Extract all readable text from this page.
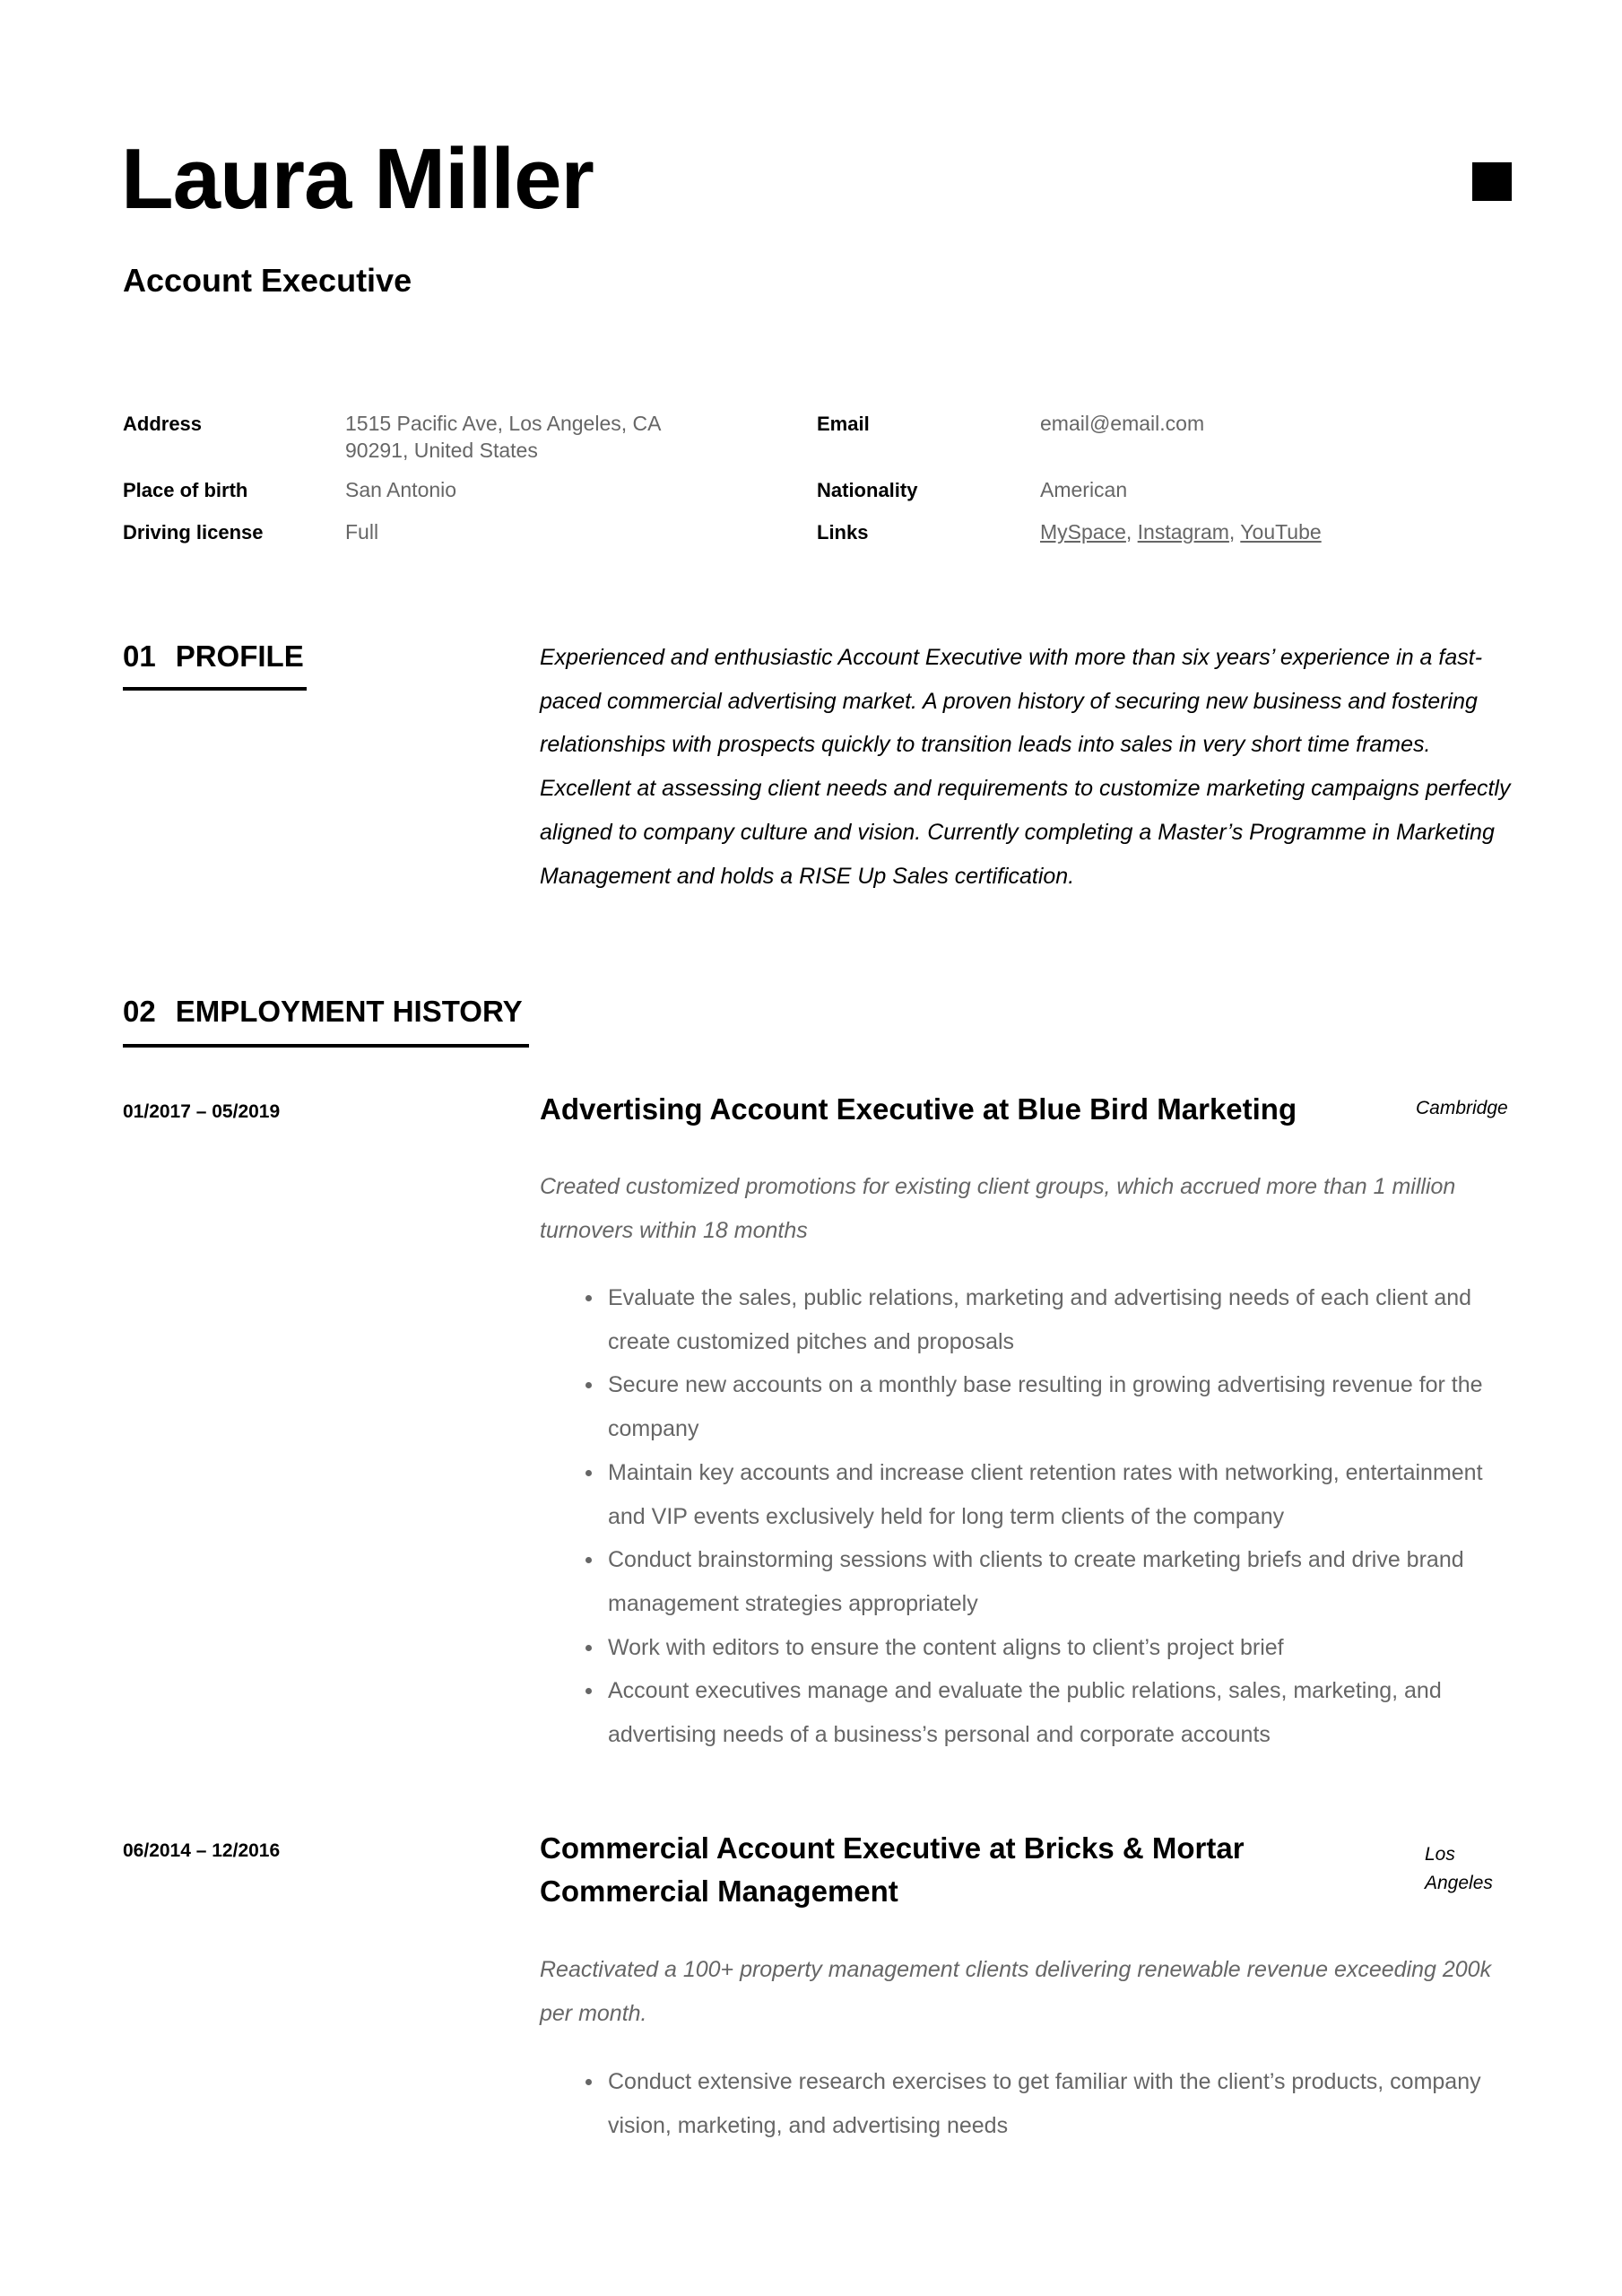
Laura Miller
Account Executive
Address	1515 Pacific Ave, Los Angeles, CA
90291, United States
Email	email@email.com
Place of birth	San Antonio	Nationality	American
Driving license	Full	Links	MySpace, Instagram, YouTube
01 PROFILE	Experienced and enthusiastic Account Executive with more than six years’ experience in a fast-paced commercial advertising market. A proven history of securing new business and fostering relationships with prospects quickly to transition leads into sales in very short time frames. Excellent at assessing client needs and requirements to customize marketing campaigns perfectly aligned to company culture and vision. Currently completing a Master’s Programme in Marketing Management and holds a RISE Up Sales certification.
02 EMPLOYMENT HISTORY
01/2017 – 05/2019	Advertising Account Executive at Blue Bird Marketing	Cambridge
Created customized promotions for existing client groups, which accrued more than 1 million turnovers within 18 months
Evaluate the sales, public relations, marketing and advertising needs of each client and create customized pitches and proposals
Secure new accounts on a monthly base resulting in growing advertising revenue for the company
Maintain key accounts and increase client retention rates with networking, entertainment and VIP events exclusively held for long term clients of the company
Conduct brainstorming sessions with clients to create marketing briefs and drive brand management strategies appropriately
Work with editors to ensure the content aligns to client’s project brief
Account executives manage and evaluate the public relations, sales, marketing, and advertising needs of a business’s personal and corporate accounts
06/2014 – 12/2016	Commercial Account Executive at Bricks & Mortar Commercial Management
Los Angeles
Reactivated a 100+ property management clients delivering renewable revenue exceeding 200k per month.
Conduct extensive research exercises to get familiar with the client’s products, company vision, marketing, and advertising needs
